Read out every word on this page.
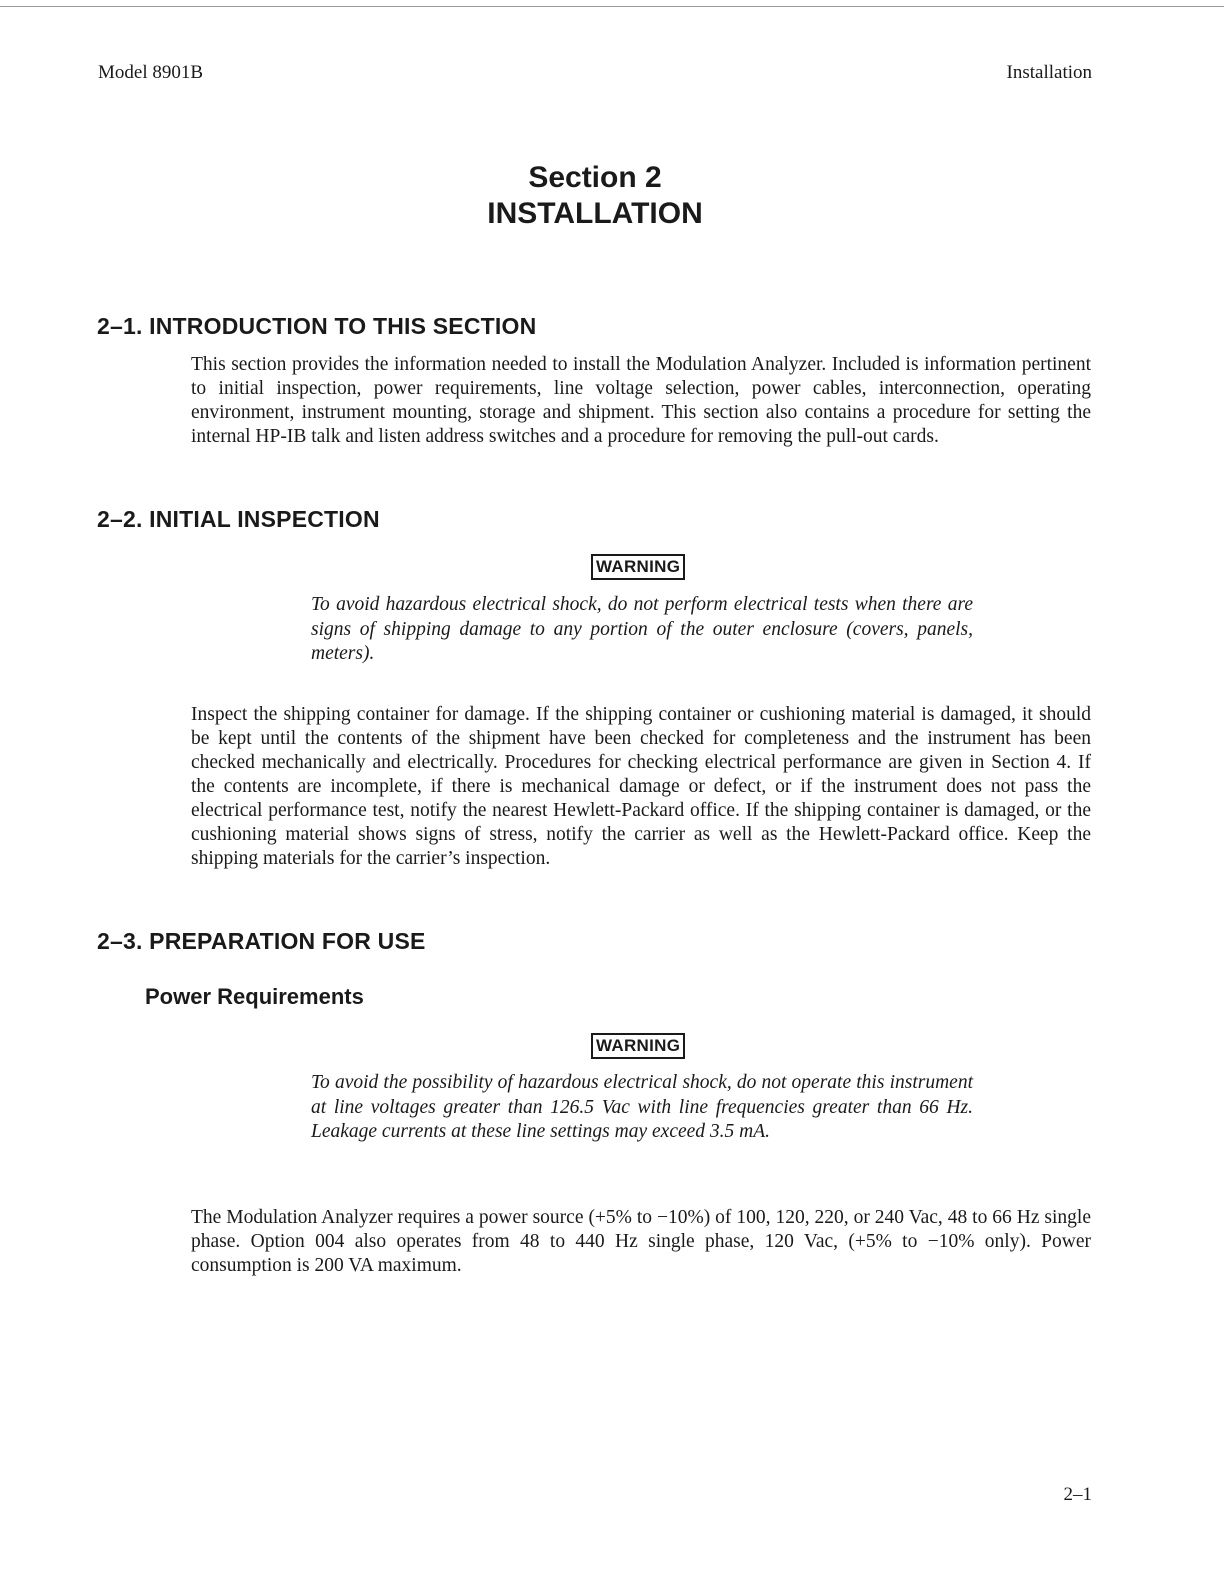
Model 8901B	Installation
Section 2
INSTALLATION
2–1. INTRODUCTION TO THIS SECTION

This section provides the information needed to install the Modulation Analyzer. Included is information pertinent to initial inspection, power requirements, line voltage selection, power cables, interconnection, operating environment, instrument mounting, storage and shipment. This section also contains a procedure for setting the internal HP-IB talk and listen address switches and a procedure for removing the pull-out cards.

2–2. INITIAL INSPECTION
WARNING

To avoid hazardous electrical shock, do not perform electrical tests when there are signs of shipping damage to any portion of the outer enclosure (covers, panels, meters).

Inspect the shipping container for damage. If the shipping container or cushioning material is damaged, it should be kept until the contents of the shipment have been checked for completeness and the instrument has been checked mechanically and electrically. Procedures for checking electrical performance are given in Section 4. If the contents are incomplete, if there is mechanical damage or defect, or if the instrument does not pass the electrical performance test, notify the nearest Hewlett-Packard office. If the shipping container is damaged, or the cushioning material shows signs of stress, notify the carrier as well as the Hewlett-Packard office. Keep the shipping materials for the carrier’s inspection.

2–3. PREPARATION FOR USE
Power Requirements
WARNING

To avoid the possibility of hazardous electrical shock, do not operate this instrument at line voltages greater than 126.5 Vac with line frequencies greater than 66 Hz. Leakage currents at these line settings may exceed 3.5 mA.

The Modulation Analyzer requires a power source (+5% to −10%) of 100, 120, 220, or 240 Vac, 48 to 66 Hz single phase. Option 004 also operates from 48 to 440 Hz single phase, 120 Vac, (+5% to −10% only). Power consumption is 200 VA maximum.

2–1
